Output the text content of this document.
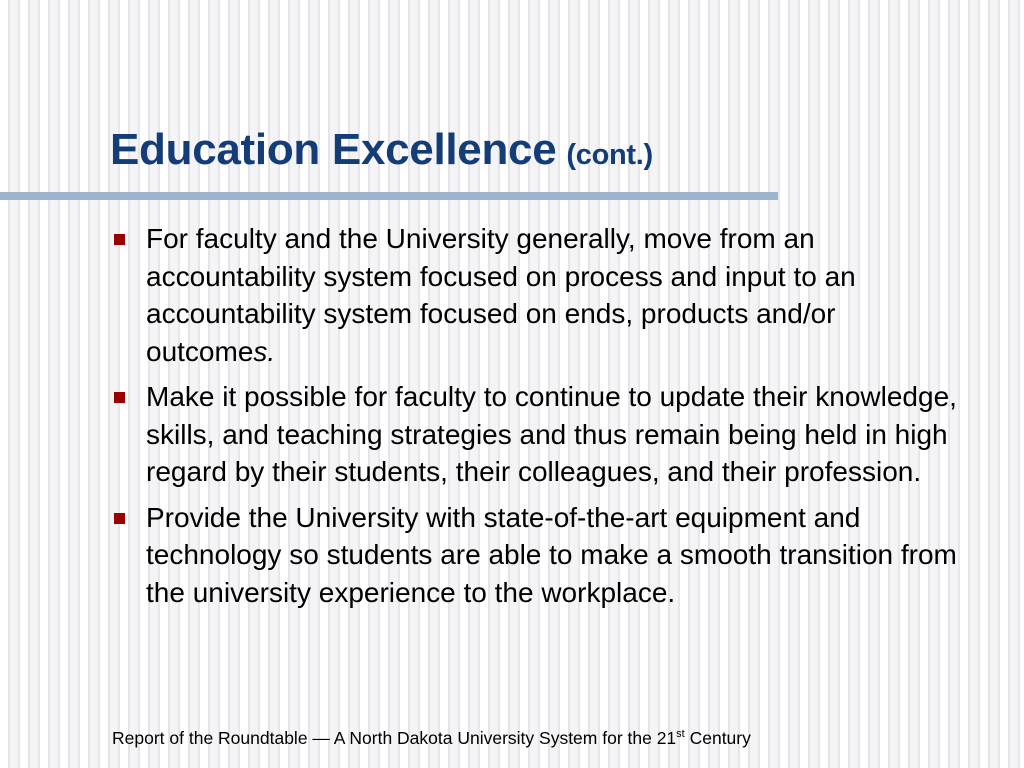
Education Excellence (cont.)
For faculty and the University generally, move from an accountability system focused on process and input to an accountability system focused on ends, products and/or outcomes.
Make it possible for faculty to continue to update their knowledge, skills, and teaching strategies and thus remain being held in high regard by their students, their colleagues, and their profession.
Provide the University with state-of-the-art equipment and technology so students are able to make a smooth transition from the university experience to the workplace.
Report of the Roundtable — A North Dakota University System for the 21st Century
